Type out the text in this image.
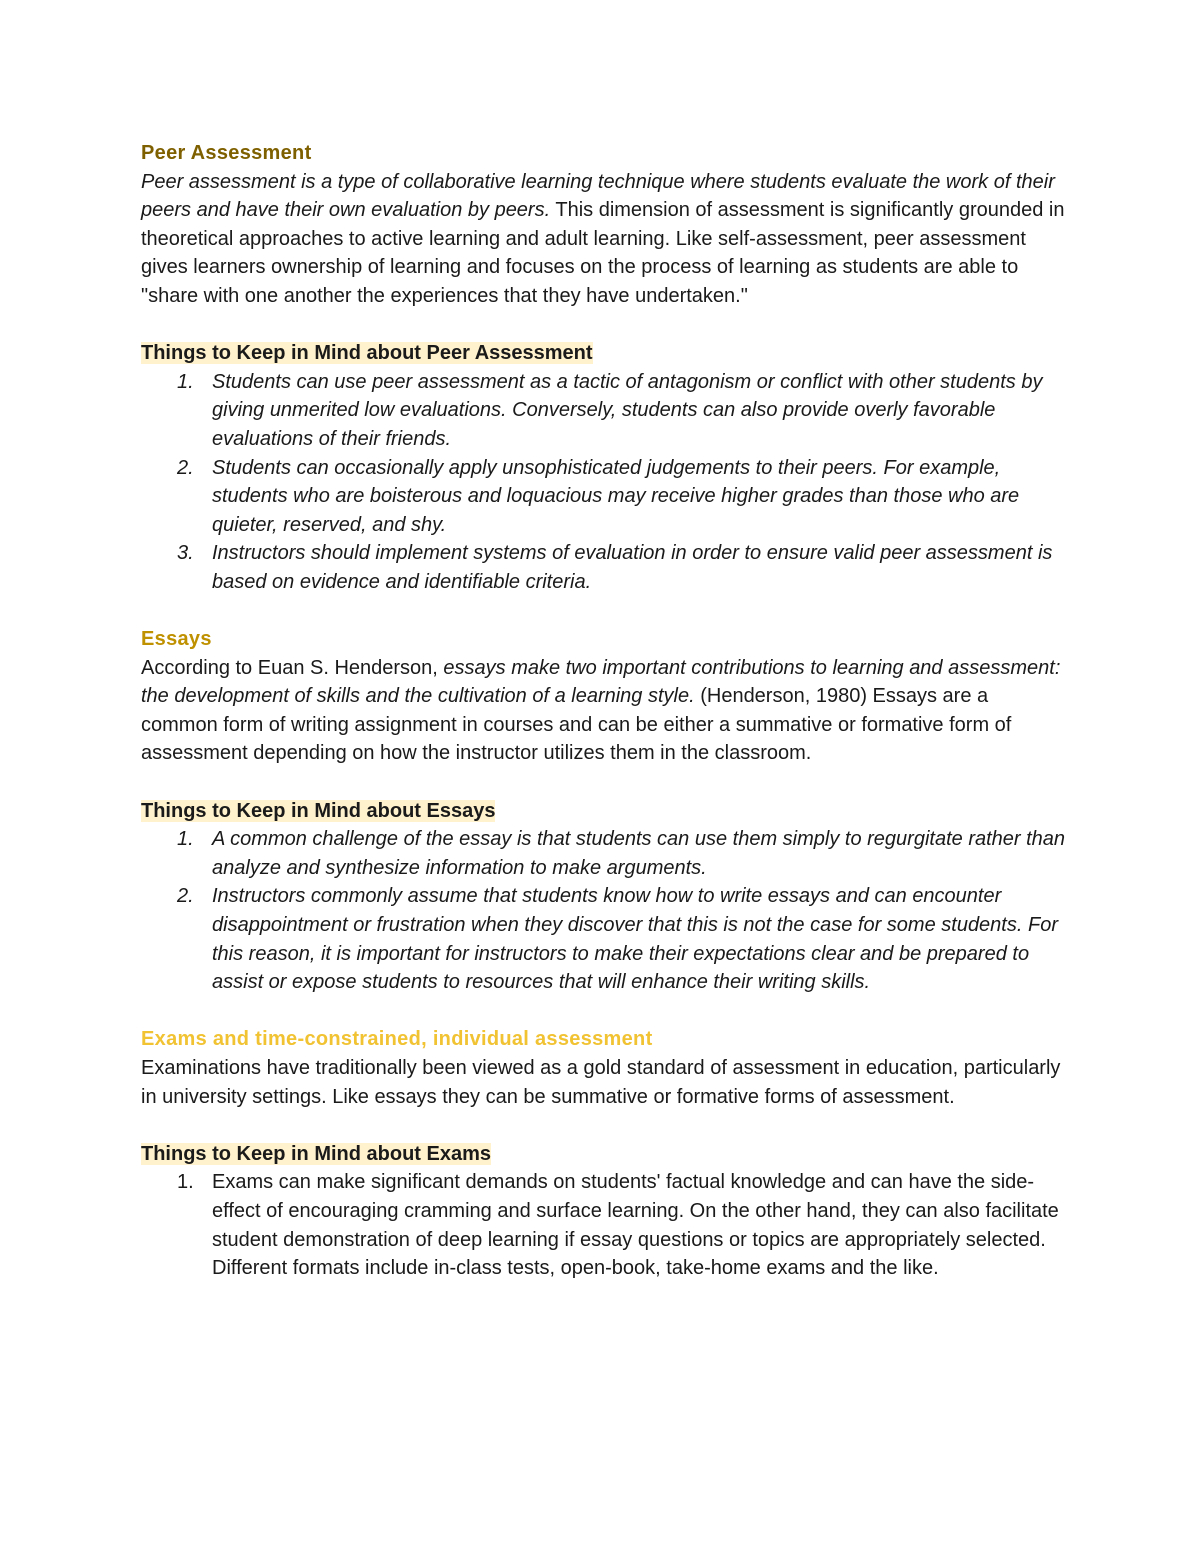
Peer Assessment

Peer assessment is a type of collaborative learning technique where students evaluate the work of their peers and have their own evaluation by peers. This dimension of assessment is significantly grounded in theoretical approaches to active learning and adult learning. Like self-assessment, peer assessment gives learners ownership of learning and focuses on the process of learning as students are able to "share with one another the experiences that they have undertaken."

Things to Keep in Mind about Peer Assessment

1. Students can use peer assessment as a tactic of antagonism or conflict with other students by giving unmerited low evaluations. Conversely, students can also provide overly favorable evaluations of their friends.
2. Students can occasionally apply unsophisticated judgements to their peers. For example, students who are boisterous and loquacious may receive higher grades than those who are quieter, reserved, and shy.
3. Instructors should implement systems of evaluation in order to ensure valid peer assessment is based on evidence and identifiable criteria.

Essays

According to Euan S. Henderson, essays make two important contributions to learning and assessment: the development of skills and the cultivation of a learning style. (Henderson, 1980) Essays are a common form of writing assignment in courses and can be either a summative or formative form of assessment depending on how the instructor utilizes them in the classroom.

Things to Keep in Mind about Essays

1. A common challenge of the essay is that students can use them simply to regurgitate rather than analyze and synthesize information to make arguments.
2. Instructors commonly assume that students know how to write essays and can encounter disappointment or frustration when they discover that this is not the case for some students. For this reason, it is important for instructors to make their expectations clear and be prepared to assist or expose students to resources that will enhance their writing skills.

Exams and time-constrained, individual assessment

Examinations have traditionally been viewed as a gold standard of assessment in education, particularly in university settings. Like essays they can be summative or formative forms of assessment.

Things to Keep in Mind about Exams

1. Exams can make significant demands on students' factual knowledge and can have the side-effect of encouraging cramming and surface learning. On the other hand, they can also facilitate student demonstration of deep learning if essay questions or topics are appropriately selected. Different formats include in-class tests, open-book, take-home exams and the like.
